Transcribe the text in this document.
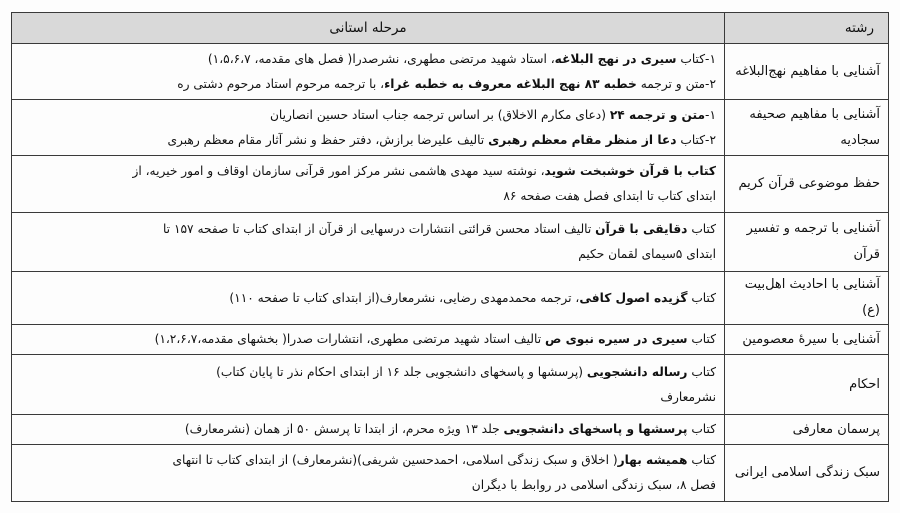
رشته	مرحله استانی
آشنایی با مفاهیم نهج‌البلاغه	۱-کتاب سیری در نهج البلاغه، استاد شهید مرتضی مطهری، نشرصدرا( فصل های مقدمه، ۱،۵،۶،۷)
۲-متن و ترجمه خطبه ۸۳ نهج البلاغه معروف به خطبه غراء، با ترجمه مرحوم استاد مرحوم دشتی ره

آشنایی با مفاهیم صحیفه سجادیه	۱-متن و ترجمه ۲۴ (دعای مکارم الاخلاق) بر اساس ترجمه جناب استاد حسین انصاریان
۲-کتاب دعا از منظر مقام معظم رهبری تالیف علیرضا برازش، دفتر حفظ و نشر آثار مقام معظم رهبری

حفظ موضوعی قرآن کریم	کتاب با قرآن خوشبخت شوید، نوشته سید مهدی هاشمی نشر مرکز امور قرآنی سازمان اوقاف و امور خیریه، از
ابتدای کتاب تا ابتدای فصل هفت صفحه ۸۶

آشنایی با ترجمه و تفسیر قرآن	کتاب دقایقی با قرآن تالیف استاد محسن قرائتی انتشارات درسهایی از قرآن از ابتدای کتاب تا صفحه ۱۵۷ تا
ابتدای ۵سیمای لقمان حکیم

آشنایی با احادیث اهل‌بیت (ع)	کتاب گزیده اصول کافی، ترجمه محمدمهدی رضایی، نشرمعارف(از ابتدای کتاب تا صفحه ۱۱۰)

آشنایی با سیرهٔ معصومین	کتاب سیری در سیره نبوی ص تالیف استاد شهید مرتضی مطهری، انتشارات صدرا( بخشهای مقدمه،۱،۲،۶،۷)

احکام	کتاب رساله دانشجویی (پرسشها و پاسخهای دانشجویی جلد ۱۶ از ابتدای احکام نذر تا پایان کتاب)
نشرمعارف

پرسمان معارفی	کتاب پرسشها و پاسخهای دانشجویی جلد ۱۳ ویژه محرم، از ابتدا تا پرسش ۵۰ از همان (نشرمعارف)

سبک زندگی اسلامی ایرانی	کتاب همیشه بهار( اخلاق و سبک زندگی اسلامی، احمدحسین شریفی)(نشرمعارف) از ابتدای کتاب تا انتهای
فصل ۸، سبک زندگی اسلامی در روابط با دیگران
